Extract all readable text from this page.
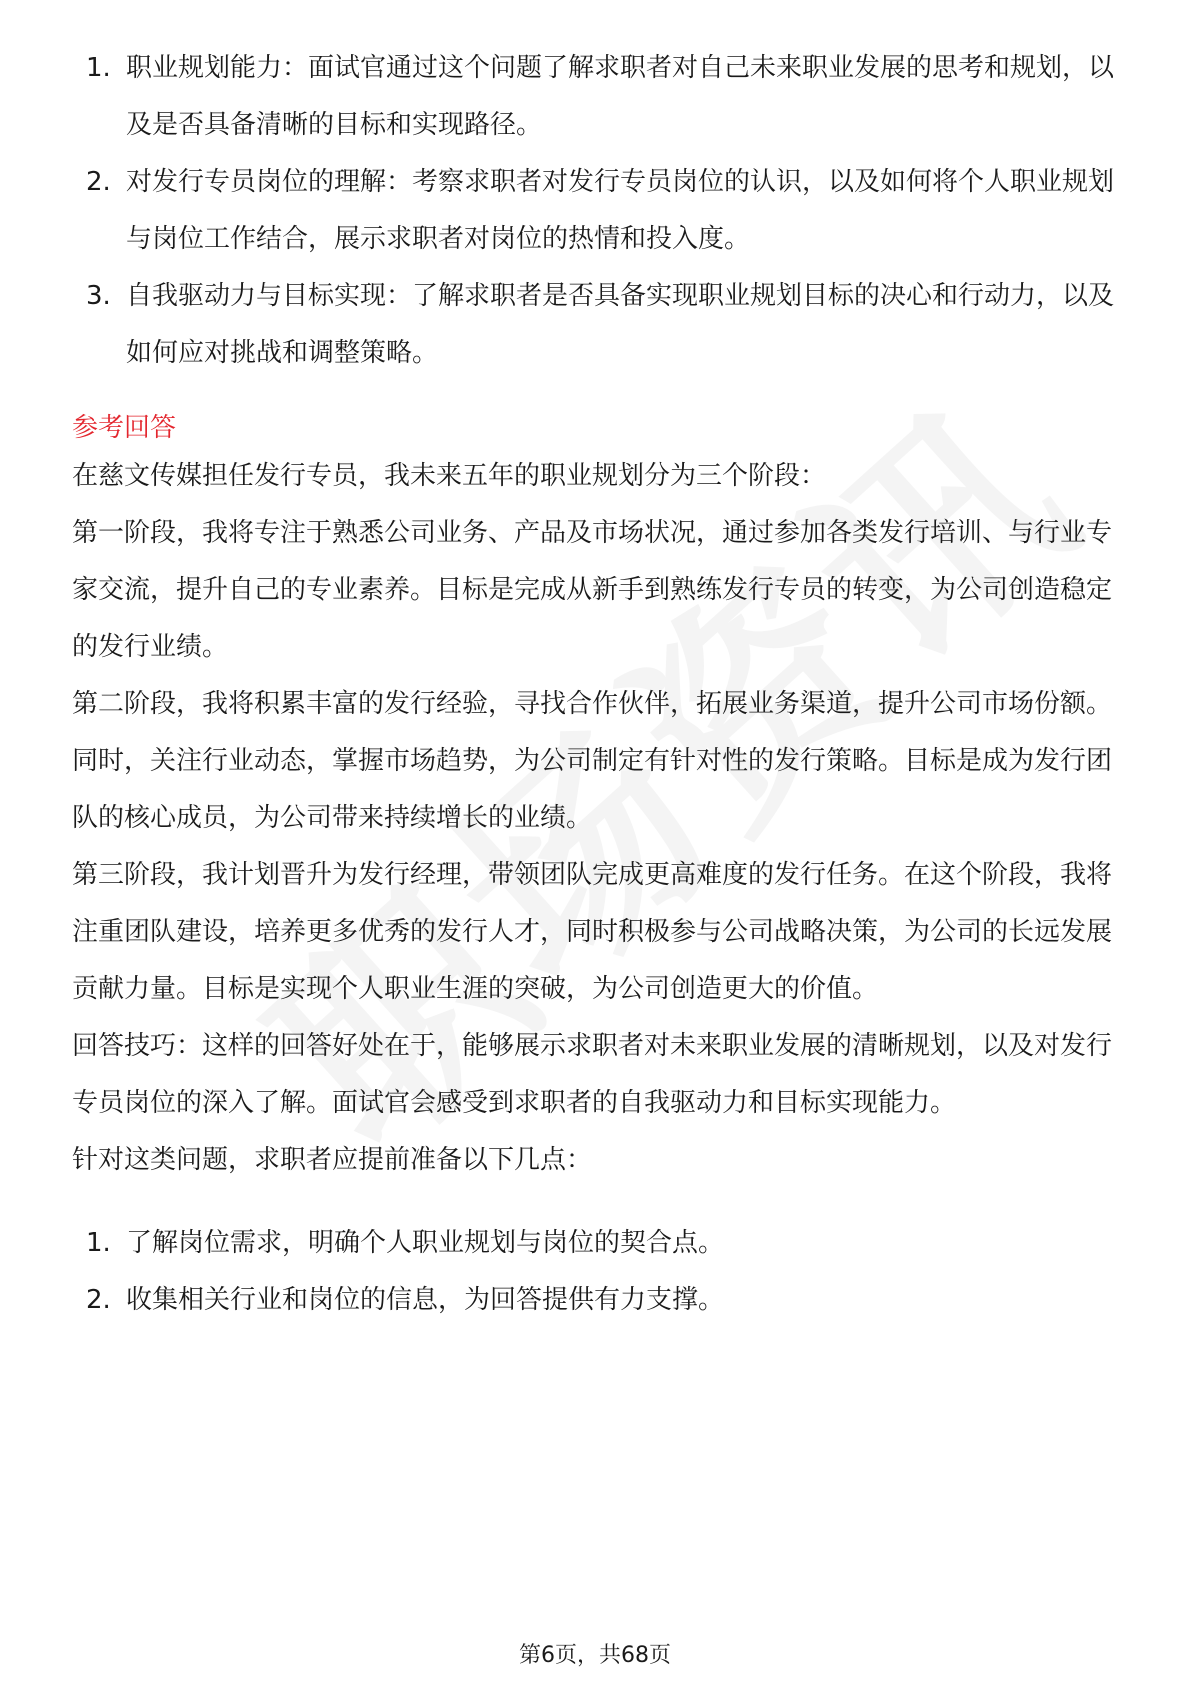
1. 职业规划能力：面试官通过这个问题了解求职者对自己未来职业发展的思考和规划，以及是否具备清晰的目标和实现路径。
2. 对发行专员岗位的理解：考察求职者对发行专员岗位的认识，以及如何将个人职业规划与岗位工作结合，展示求职者对岗位的热情和投入度。
3. 自我驱动力与目标实现：了解求职者是否具备实现职业规划目标的决心和行动力，以及如何应对挑战和调整策略。
参考回答

在慈文传媒担任发行专员，我未来五年的职业规划分为三个阶段：

第一阶段，我将专注于熟悉公司业务、产品及市场状况，通过参加各类发行培训、与行业专家交流，提升自己的专业素养。目标是完成从新手到熟练发行专员的转变，为公司创造稳定的发行业绩。

第二阶段，我将积累丰富的发行经验，寻找合作伙伴，拓展业务渠道，提升公司市场份额。同时，关注行业动态，掌握市场趋势，为公司制定有针对性的发行策略。目标是成为发行团队的核心成员，为公司带来持续增长的业绩。

第三阶段，我计划晋升为发行经理，带领团队完成更高难度的发行任务。在这个阶段，我将注重团队建设，培养更多优秀的发行人才，同时积极参与公司战略决策，为公司的长远发展贡献力量。目标是实现个人职业生涯的突破，为公司创造更大的价值。

回答技巧：这样的回答好处在于，能够展示求职者对未来职业发展的清晰规划，以及对发行专员岗位的深入了解。面试官会感受到求职者的自我驱动力和目标实现能力。

针对这类问题，求职者应提前准备以下几点：

1. 了解岗位需求，明确个人职业规划与岗位的契合点。
2. 收集相关行业和岗位的信息，为回答提供有力支撑。
第6页，共68页
